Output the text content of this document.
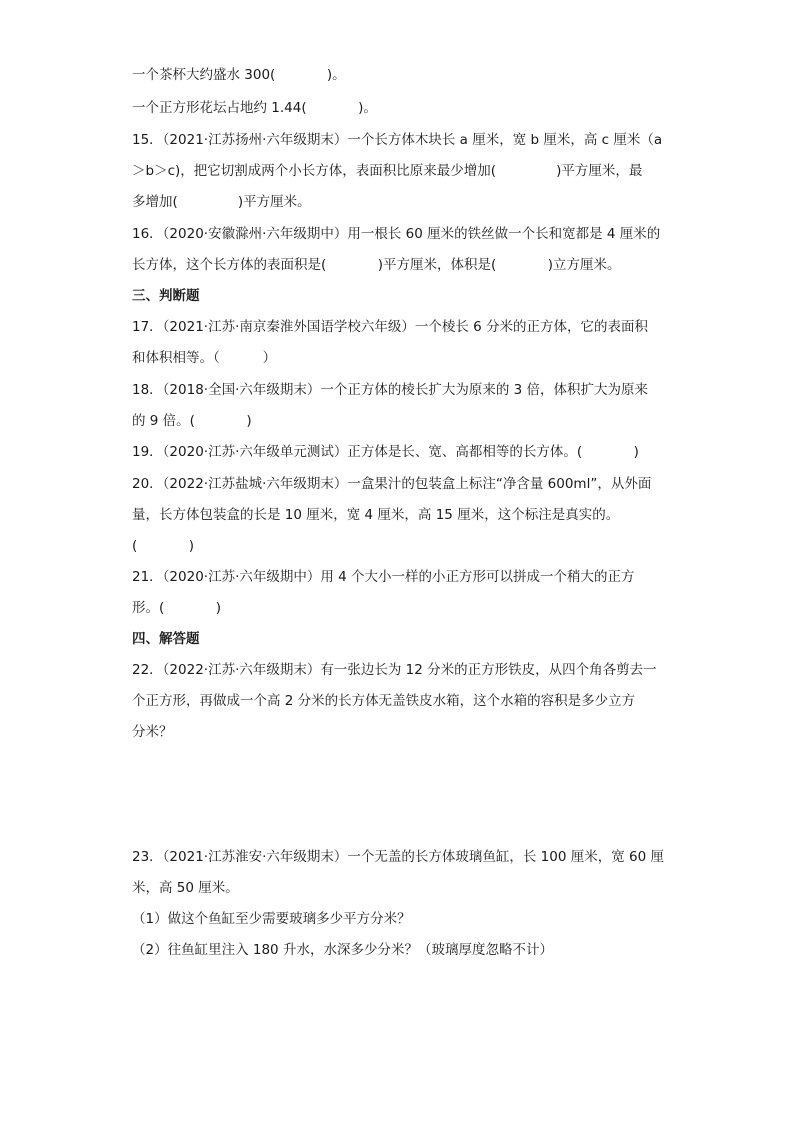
一个茶杯大约盛水 300(            )。
一个正方形花坛占地约 1.44(            )。
15．（2021·江苏扬州·六年级期末）一个长方体木块长 a 厘米，宽 b 厘米，高 c 厘米（a
＞b＞c)，把它切割成两个小长方体，表面积比原来最少增加(              )平方厘米，最
多增加(              )平方厘米。
16．（2020·安徽滁州·六年级期中）用一根长 60 厘米的铁丝做一个长和宽都是 4 厘米的
长方体，这个长方体的表面积是(            )平方厘米，体积是(            )立方厘米。
三、判断题
17．（2021·江苏·南京秦淮外国语学校六年级）一个棱长 6 分米的正方体，它的表面积
和体积相等。（          ）
18．（2018·全国·六年级期末）一个正方体的棱长扩大为原来的 3 倍，体积扩大为原来
的 9 倍。(            )
19．（2020·江苏·六年级单元测试）正方体是长、宽、高都相等的长方体。(            )
20．（2022·江苏盐城·六年级期末）一盒果汁的包装盒上标注“净含量 600ml”，从外面
量，长方体包装盒的长是 10 厘米，宽 4 厘米，高 15 厘米，这个标注是真实的。
(            )
21．（2020·江苏·六年级期中）用 4 个大小一样的小正方形可以拼成一个稍大的正方
形。(            )
四、解答题
22．（2022·江苏·六年级期末）有一张边长为 12 分米的正方形铁皮，从四个角各剪去一
个正方形，再做成一个高 2 分米的长方体无盖铁皮水箱，这个水箱的容积是多少立方
分米？
23．（2021·江苏淮安·六年级期末）一个无盖的长方体玻璃鱼缸，长 100 厘米，宽 60 厘
米，高 50 厘米。
（1）做这个鱼缸至少需要玻璃多少平方分米？
（2）往鱼缸里注入 180 升水，水深多少分米？（玻璃厚度忽略不计）
